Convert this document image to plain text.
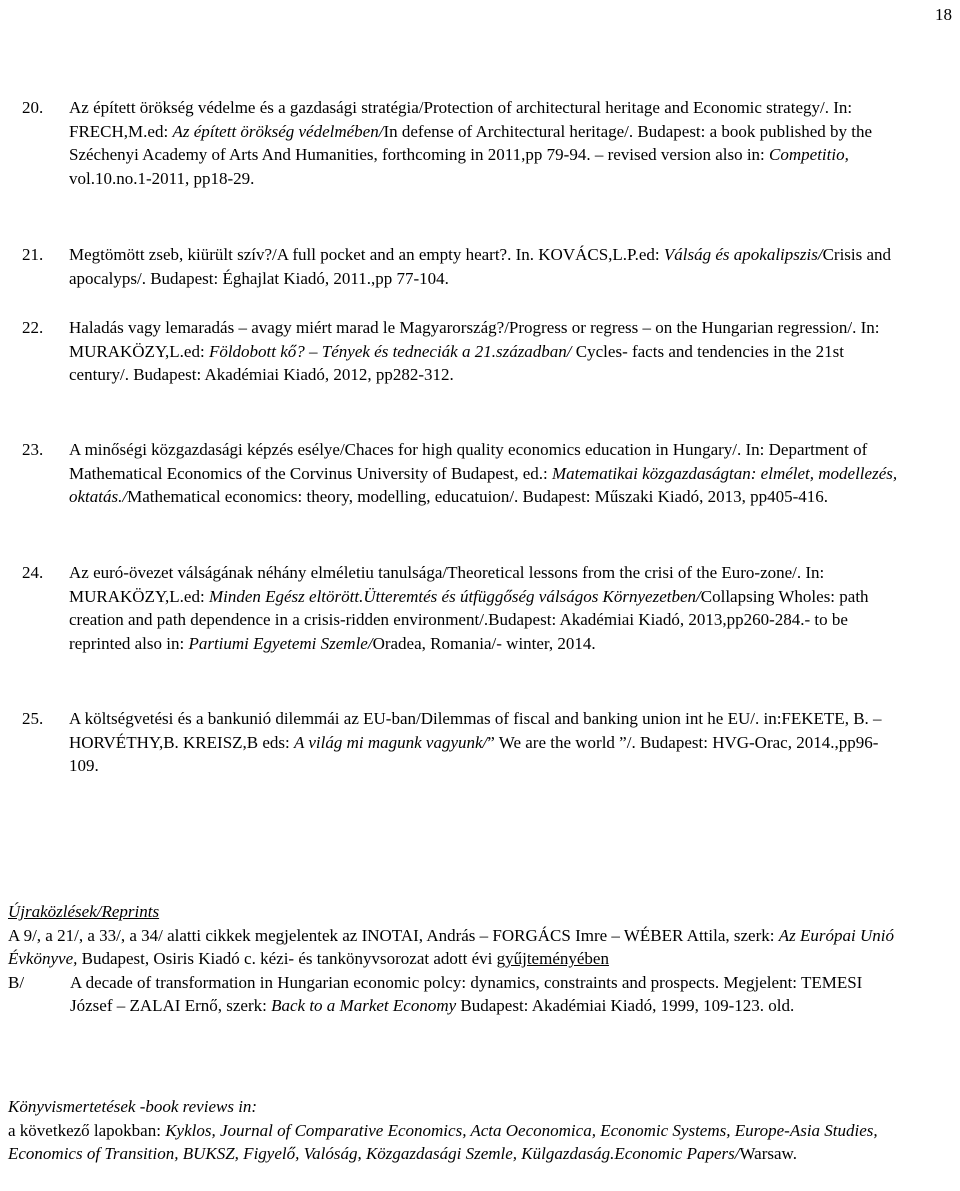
18
20. Az épített örökség védelme és a gazdasági stratégia/Protection of architectural heritage and Economic strategy/. In: FRECH,M.ed: Az épített örökség védelmében/In defense of Architectural heritage/. Budapest: a book published by the Széchenyi Academy of Arts And Humanities, forthcoming in 2011,pp 79-94. – revised version also in: Competitio, vol.10.no.1-2011, pp18-29.
21. Megtömött zseb, kiürült szív?/A full pocket and an empty heart?. In. KOVÁCS,L.P.ed: Válság és apokalipszis/Crisis and apocalyps/. Budapest: Éghajlat Kiadó, 2011.,pp 77-104.
22. Haladás vagy lemaradás – avagy miért marad le Magyarország?/Progress or regress – on the Hungarian regression/. In: MURAKÖZY,L.ed: Földobott kő? – Tények és tedneciák a 21.században/ Cycles- facts and tendencies in the 21st century/. Budapest: Akadémiai Kiadó, 2012, pp282-312.
23. A minőségi közgazdasági képzés esélye/Chaces for high quality economics education in Hungary/. In: Department of Mathematical Economics of the Corvinus University of Budapest, ed.: Matematikai közgazdaságtan: elmélet, modellezés, oktatás./Mathematical economics: theory, modelling, educatuion/. Budapest: Műszaki Kiadó, 2013, pp405-416.
24. Az euró-övezet válságának néhány elméletiu tanulsága/Theoretical lessons from the crisi of the Euro-zone/. In: MURAKÖZY,L.ed: Minden Egész eltörött.Ütteremtés és útfüggőség válságos Környezetben/Collapsing Wholes: path creation and path dependence in a crisis-ridden environment/.Budapest: Akadémiai Kiadó, 2013,pp260-284.- to be reprinted also in: Partiumi Egyetemi Szemle/Oradea, Romania/- winter, 2014.
25. A költségvetési és a bankunió dilemmái az EU-ban/Dilemmas of fiscal and banking union int he EU/. in:FEKETE, B. – HORVÉTHY,B. KREISZ,B eds: A világ mi magunk vagyunk/” We are the world ”/. Budapest: HVG-Orac, 2014.,pp96-109.
Újraközlések/Reprints
A 9/, a 21/, a 33/, a 34/ alatti cikkek megjelentek az INOTAI, András – FORGÁCS Imre – WÉBER Attila, szerk: Az Európai Unió Évkönyve, Budapest, Osiris Kiadó c. kézi- és tankönyvsorozat adott évi gyűjteményében
B/	A decade of transformation in Hungarian economic polcy: dynamics, constraints and prospects. Megjelent: TEMESI József – ZALAI Ernő, szerk: Back to a Market Economy Budapest: Akadémiai Kiadó, 1999, 109-123. old.
Könyvismertetések -book reviews in:
a következő lapokban: Kyklos, Journal of Comparative Economics, Acta Oeconomica, Economic Systems, Europe-Asia Studies, Economics of Transition, BUKSZ, Figyelő, Valóság, Közgazdasági Szemle, Külgazdaság.Economic Papers/Warsaw.
